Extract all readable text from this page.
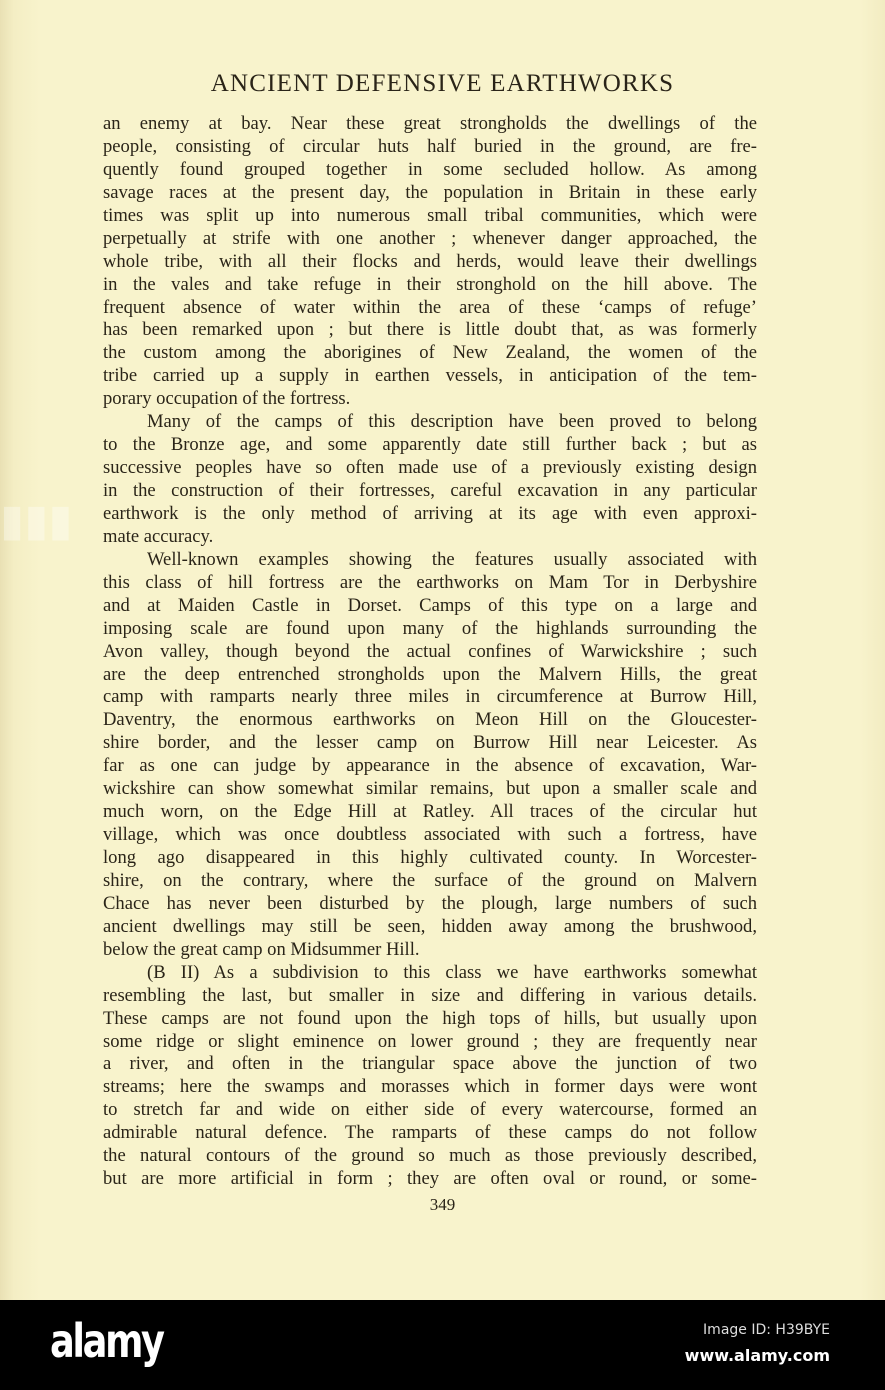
▮▮▮
ANCIENT DEFENSIVE EARTHWORKS
an enemy at bay. Near these great strongholds the dwellings of the
people, consisting of circular huts half buried in the ground, are fre-
quently found grouped together in some secluded hollow. As among
savage races at the present day, the population in Britain in these early
times was split up into numerous small tribal communities, which were
perpetually at strife with one another ; whenever danger approached, the
whole tribe, with all their flocks and herds, would leave their dwellings
in the vales and take refuge in their stronghold on the hill above. The
frequent absence of water within the area of these ‘camps of refuge’
has been remarked upon ; but there is little doubt that, as was formerly
the custom among the aborigines of New Zealand, the women of the
tribe carried up a supply in earthen vessels, in anticipation of the tem-
porary occupation of the fortress.
Many of the camps of this description have been proved to belong
to the Bronze age, and some apparently date still further back ; but as
successive peoples have so often made use of a previously existing design
in the construction of their fortresses, careful excavation in any particular
earthwork is the only method of arriving at its age with even approxi-
mate accuracy.
Well-known examples showing the features usually associated with
this class of hill fortress are the earthworks on Mam Tor in Derbyshire
and at Maiden Castle in Dorset. Camps of this type on a large and
imposing scale are found upon many of the highlands surrounding the
Avon valley, though beyond the actual confines of Warwickshire ; such
are the deep entrenched strongholds upon the Malvern Hills, the great
camp with ramparts nearly three miles in circumference at Burrow Hill,
Daventry, the enormous earthworks on Meon Hill on the Gloucester-
shire border, and the lesser camp on Burrow Hill near Leicester. As
far as one can judge by appearance in the absence of excavation, War-
wickshire can show somewhat similar remains, but upon a smaller scale and
much worn, on the Edge Hill at Ratley. All traces of the circular hut
village, which was once doubtless associated with such a fortress, have
long ago disappeared in this highly cultivated county. In Worcester-
shire, on the contrary, where the surface of the ground on Malvern
Chace has never been disturbed by the plough, large numbers of such
ancient dwellings may still be seen, hidden away among the brushwood,
below the great camp on Midsummer Hill.
(B II) As a subdivision to this class we have earthworks somewhat
resembling the last, but smaller in size and differing in various details.
These camps are not found upon the high tops of hills, but usually upon
some ridge or slight eminence on lower ground ; they are frequently near
a river, and often in the triangular space above the junction of two
streams; here the swamps and morasses which in former days were wont
to stretch far and wide on either side of every watercourse, formed an
admirable natural defence. The ramparts of these camps do not follow
the natural contours of the ground so much as those previously described,
but are more artificial in form ; they are often oval or round, or some-
349
alamy	Image ID: H39BYE
www.alamy.com
